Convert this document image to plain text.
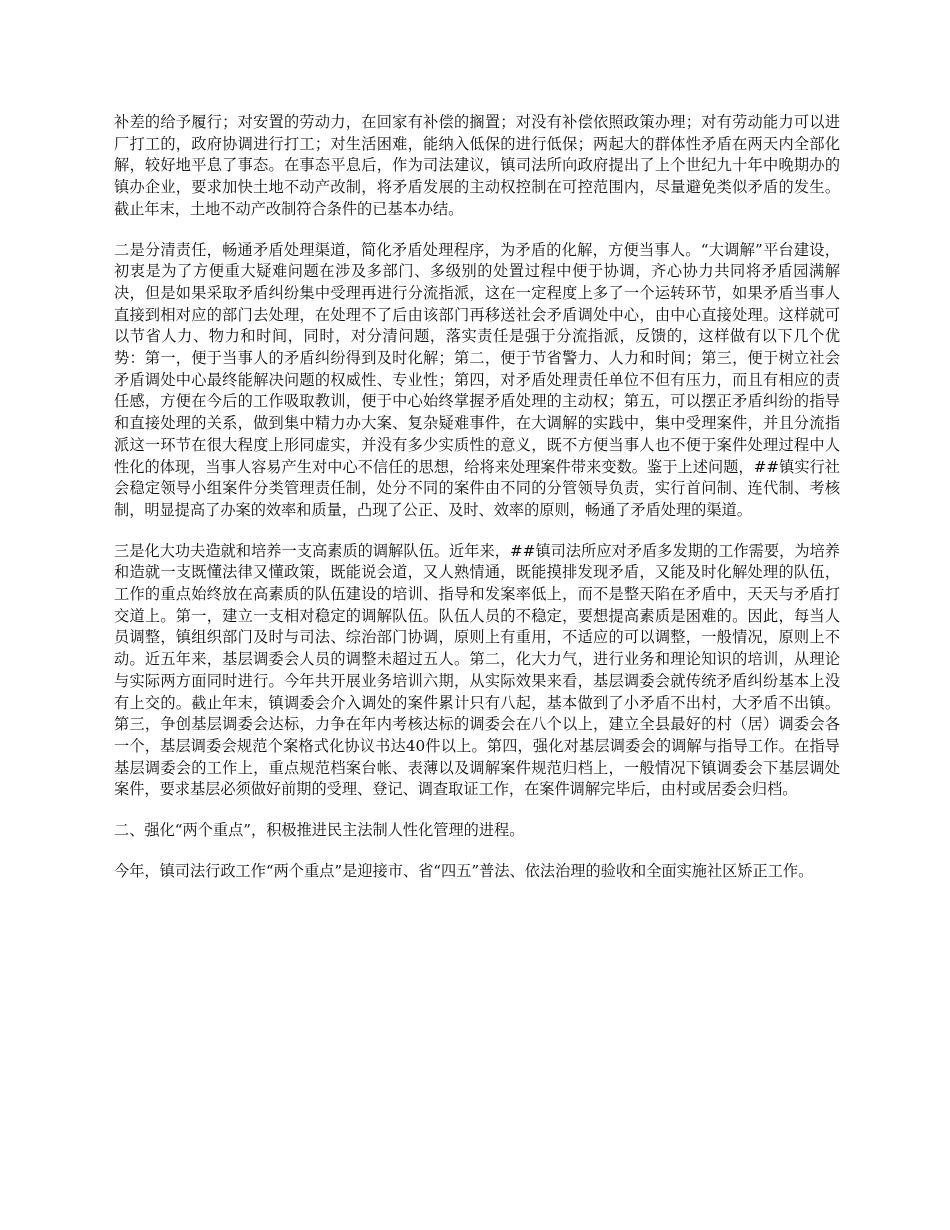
补差的给予履行；对安置的劳动力，在回家有补偿的搁置；对没有补偿依照政策办理；对有劳动能力可以进厂打工的，政府协调进行打工；对生活困难，能纳入低保的进行低保；两起大的群体性矛盾在两天内全部化解，较好地平息了事态。在事态平息后，作为司法建议，镇司法所向政府提出了上个世纪九十年中晚期办的镇办企业，要求加快土地不动产改制，将矛盾发展的主动权控制在可控范围内，尽量避免类似矛盾的发生。截止年末，土地不动产改制符合条件的已基本办结。

二是分清责任，畅通矛盾处理渠道，简化矛盾处理程序，为矛盾的化解，方便当事人。“大调解”平台建设，初衷是为了方便重大疑难问题在涉及多部门、多级别的处置过程中便于协调，齐心协力共同将矛盾园满解决，但是如果采取矛盾纠纷集中受理再进行分流指派，这在一定程度上多了一个运转环节，如果矛盾当事人直接到相对应的部门去处理，在处理不了后由该部门再移送社会矛盾调处中心，由中心直接处理。这样就可以节省人力、物力和时间，同时，对分清问题，落实责任是强于分流指派，反馈的，这样做有以下几个优势：第一，便于当事人的矛盾纠纷得到及时化解；第二，便于节省警力、人力和时间；第三，便于树立社会矛盾调处中心最终能解决问题的权威性、专业性；第四，对矛盾处理责任单位不但有压力，而且有相应的责任感，方便在今后的工作吸取教训，便于中心始终掌握矛盾处理的主动权；第五，可以摆正矛盾纠纷的指导和直接处理的关系，做到集中精力办大案、复杂疑难事件，在大调解的实践中，集中受理案件，并且分流指派这一环节在很大程度上形同虚实，并没有多少实质性的意义，既不方便当事人也不便于案件处理过程中人性化的体现，当事人容易产生对中心不信任的思想，给将来处理案件带来变数。鉴于上述问题，##镇实行社会稳定领导小组案件分类管理责任制，处分不同的案件由不同的分管领导负责，实行首问制、连代制、考核制，明显提高了办案的效率和质量，凸现了公正、及时、效率的原则，畅通了矛盾处理的渠道。

三是化大功夫造就和培养一支高素质的调解队伍。近年来，##镇司法所应对矛盾多发期的工作需要，为培养和造就一支既懂法律又懂政策，既能说会道，又人熟情通，既能摸排发现矛盾，又能及时化解处理的队伍，工作的重点始终放在高素质的队伍建设的培训、指导和发案率低上，而不是整天陷在矛盾中，天天与矛盾打交道上。第一，建立一支相对稳定的调解队伍。队伍人员的不稳定，要想提高素质是困难的。因此，每当人员调整，镇组织部门及时与司法、综治部门协调，原则上有重用，不适应的可以调整，一般情况，原则上不动。近五年来，基层调委会人员的调整未超过五人。第二，化大力气，进行业务和理论知识的培训，从理论与实际两方面同时进行。今年共开展业务培训六期，从实际效果来看，基层调委会就传统矛盾纠纷基本上没有上交的。截止年末，镇调委会介入调处的案件累计只有八起，基本做到了小矛盾不出村，大矛盾不出镇。第三，争创基层调委会达标，力争在年内考核达标的调委会在八个以上，建立全县最好的村（居）调委会各一个，基层调委会规范个案格式化协议书达40件以上。第四，强化对基层调委会的调解与指导工作。在指导基层调委会的工作上，重点规范档案台帐、表薄以及调解案件规范归档上，一般情况下镇调委会下基层调处案件，要求基层必须做好前期的受理、登记、调查取证工作，在案件调解完毕后，由村或居委会归档。

二、强化“两个重点”，积极推进民主法制人性化管理的进程。

今年，镇司法行政工作“两个重点”是迎接市、省“四五”普法、依法治理的验收和全面实施社区矫正工作。
